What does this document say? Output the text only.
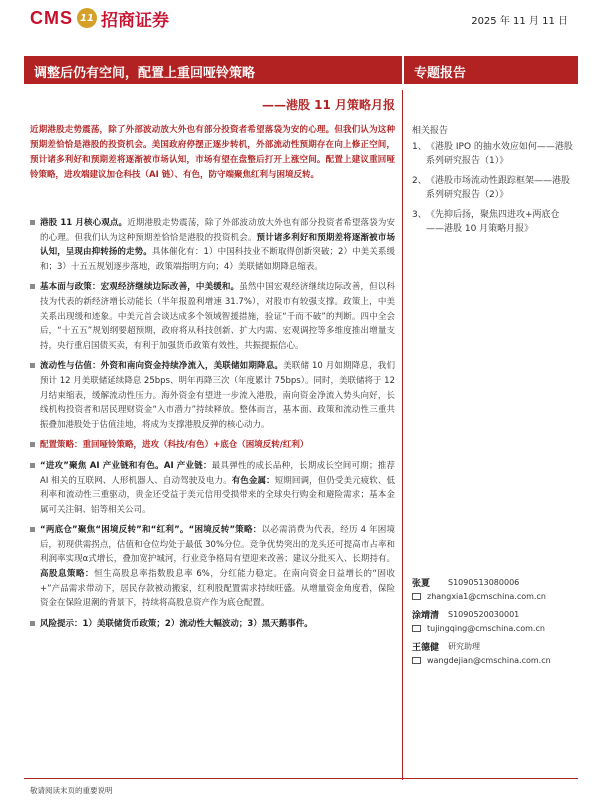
CMS 11 招商证券	2025 年 11 月 11 日
调整后仍有空间，配置上重回哑铃策略	专题报告
——港股 11 月策略月报
近期港股走势震荡，除了外部波动放大外也有部分投资者希望落袋为安的心理。但我们认为这种预期差恰恰是港股的投资机会。美国政府停摆正逐步转机，外部流动性预期存在向上修正空间，预计诸多利好和预期差将逐渐被市场认知，市场有望在盘整后打开上涨空间。配置上建议重回哑铃策略，进攻端建议加仓科技（AI 链）、有色，防守端聚焦红利与困境反转。
港股 11 月核心观点。近期港股走势震荡，除了外部波动放大外也有部分投资者希望落袋为安的心理。但我们认为这种预期差恰恰是港股的投资机会。预计诸多利好和预期差将逐渐被市场认知，呈现由抑转扬的走势。具体催化有：1）中国科技业不断取得创新突破；2）中美关系缓和；3）十五五规划逐步落地，政策端指明方向；4）美联储如期降息缩表。
基本面与政策：宏观经济继续边际改善，中美缓和。虽然中国宏观经济继续边际改善，但以科技为代表的新经济增长动能长（半年报盈利增速 31.7%），对股市有较强支撑。政策上，中美关系出现缓和迹象。中美元首会谈达成多个领域智援措施，验证“千而不破”的判断。四中全会后，“十五五”规划纲要超预期，政府将从科技创新、扩大内需、宏观调控等多维度推出增量支持，央行重启国债买卖，有利于加强货币政策有效性，共振提振信心。
流动性与估值：外资和南向资金持续净流入，美联储如期降息。美联储 10 月如期降息，我们预计 12 月美联储延续降息 25bps、明年再降三次（年度累计 75bps）。同时，美联储将于 12 月结束缩表，缓解流动性压力。海外资金有望进一步流入港股，南向资金净流入势头向好，长线机构投资者和居民理财资金“入市潜力”持续释放。整体而言，基本面、政策和流动性三重共振叠加港股处于估值洼地，将成为支撑港股反弹的核心动力。
配置策略：重回哑铃策略，进攻（科技/有色）+底仓（困境反转/红利）
“进攻”聚焦 AI 产业链和有色。AI 产业链：最具弹性的成长品种，长期成长空间可期；推荐 AI 相关的互联网、人形机器人、自动驾驶及电力。有色金属：短期回调，但仍受美元疲软、低利率和流动性三重驱动，贵金还受益于美元信用受损带来的全球央行购金和避险需求；基本金属可关注铜、铝等相关公司。
“两底仓”聚焦“困境反转”和“红利”。“困境反转”策略：以必需消费为代表，经历 4 年困境后，初现供需拐点，估值和仓位均处于最低 30%分位。竞争优势突出的龙头还可提高市占率和利润率实现α式增长，叠加宽护城河，行业竞争格局有望迎来改善；建议分批买入、长期持有。高股息策略：恒生高股息率指数股息率 6%，分红能力稳定。在南向资金日益增长的“固收+”产品需求带动下，居民存款被动搬家，红利股配置需求持续旺盛。从增量资金角度看，保险资金在保险退潮的背景下，持续将高股息资产作为底仓配置。
风险提示：1）美联储货币政策；2）流动性大幅波动；3）黑天鹅事件。
相关报告
1、 《港股 IPO 的抽水效应如何——港股系列研究报告（1）》
2、 《港股市场流动性跟踪框架——港股系列研究报告（2）》
3、 《先抑后扬，聚焦四进攻+两底仓——港股 10 月策略月报》
张夏	S1090513080006
zhangxia1@cmschina.com.cn
涂靖清	S1090520030001
tujingqing@cmschina.com.cn
王德健	研究助理
wangdejian@cmschina.com.cn
敬请阅读末页的重要说明
